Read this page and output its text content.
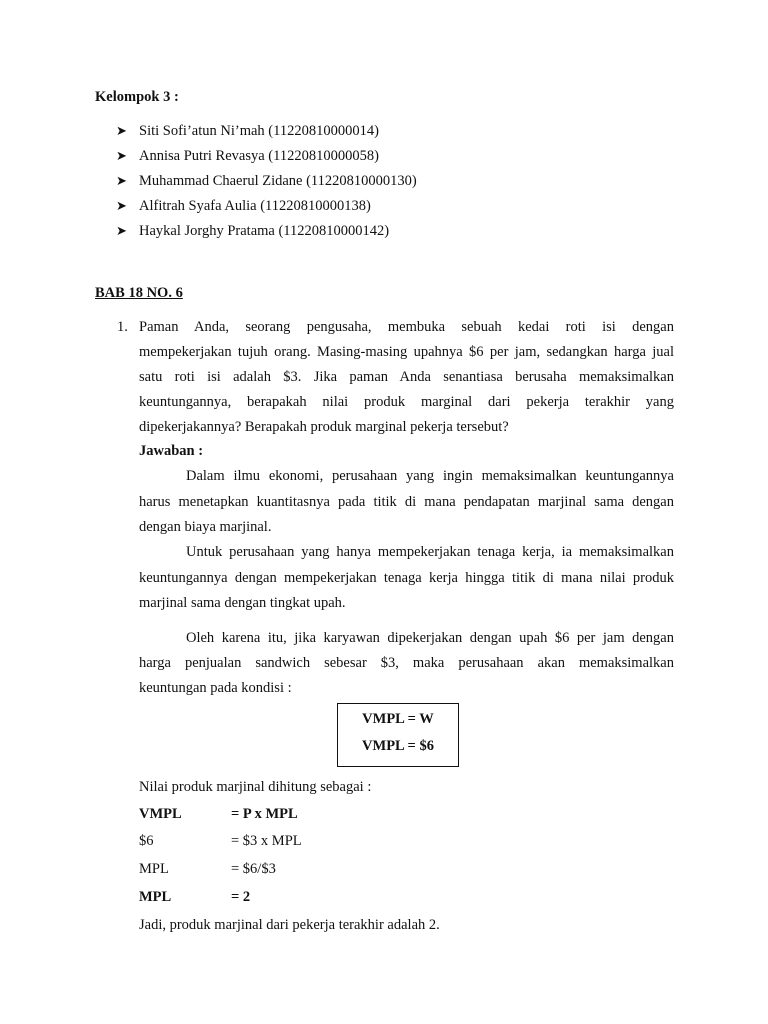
Kelompok 3 :
➤ Siti Sofi’atun Ni’mah (11220810000014)
➤ Annisa Putri Revasya (11220810000058)
➤ Muhammad Chaerul Zidane (11220810000130)
➤ Alfitrah Syafa Aulia (11220810000138)
➤ Haykal Jorghy Pratama (11220810000142)
BAB 18 NO. 6
1. Paman Anda, seorang pengusaha, membuka sebuah kedai roti isi dengan
mempekerjakan tujuh orang. Masing-masing upahnya $6 per jam, sedangkan harga jual
satu roti isi adalah $3. Jika paman Anda senantiasa berusaha memaksimalkan
keuntungannya, berapakah nilai produk marginal dari pekerja terakhir yang
dipekerjakannya? Berapakah produk marginal pekerja tersebut?
Jawaban :
Dalam ilmu ekonomi, perusahaan yang ingin memaksimalkan keuntungannya
harus menetapkan kuantitasnya pada titik di mana pendapatan marjinal sama dengan
dengan biaya marjinal.
Untuk perusahaan yang hanya mempekerjakan tenaga kerja, ia memaksimalkan
keuntungannya dengan mempekerjakan tenaga kerja hingga titik di mana nilai produk
marjinal sama dengan tingkat upah.
Oleh karena itu, jika karyawan dipekerjakan dengan upah $6 per jam dengan
harga penjualan sandwich sebesar $3, maka perusahaan akan memaksimalkan
keuntungan pada kondisi :
VMPL = W
VMPL = $6
Nilai produk marjinal dihitung sebagai :
VMPL	= P x MPL
$6	= $3 x MPL
MPL	= $6/$3
MPL	= 2
Jadi, produk marjinal dari pekerja terakhir adalah 2.
